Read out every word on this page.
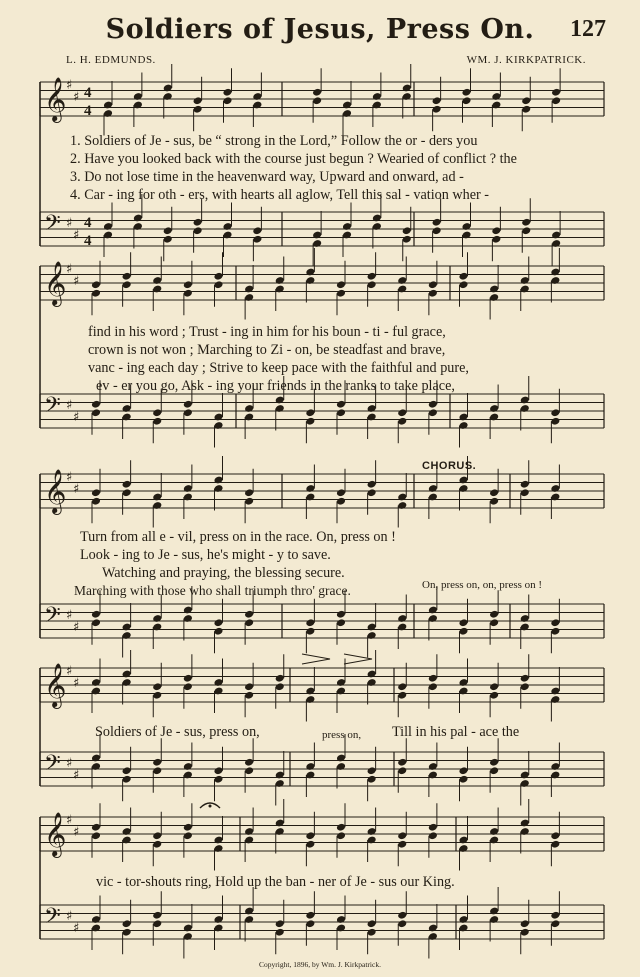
Soldiers of Jesus, Press On.	127
L. H. EDMUNDS.	WM. J. KIRKPATRICK.
𝄞 ♯
♯ 4
4
𝄢 ♯
♯
4
4
𝄞 ♯
♯
𝄢 ♯
♯
𝄞 ♯
♯
𝄢 ♯
♯
𝄞 ♯
♯
𝄢 ♯
♯
𝄞 ♯
♯
𝄢 ♯
♯
1. Soldiers of Je - sus, be “ strong in the Lord,” Follow the or - ders you
2. Have you looked back with the course just begun ? Wearied of conflict ? the
3. Do not lose time in the heavenward way, Upward and onward, ad -
4. Car - ing for oth - ers, with hearts all aglow, Tell this sal - vation wher -
find in his word ; Trust - ing in him for his boun - ti - ful grace,
crown is not won ; Marching to Zi - on, be steadfast and brave,
vanc - ing each day ; Strive to keep pace with the faithful and pure,
ev - er you go, Ask - ing your friends in the ranks to take place,
CHORUS.
Turn from all e - vil, press on in the race. On, press on !
Look - ing to Je - sus, he's might - y to save.
Watching and praying, the blessing secure.
Marching with those who shall triumph thro' grace.	On, press on, on, press on !
Soldiers of Je - sus, press on,	press on, Till in his pal - ace the
vic - tor-shouts ring, Hold up the ban - ner of Je - sus our King.
Copyright, 1896, by Wm. J. Kirkpatrick.
